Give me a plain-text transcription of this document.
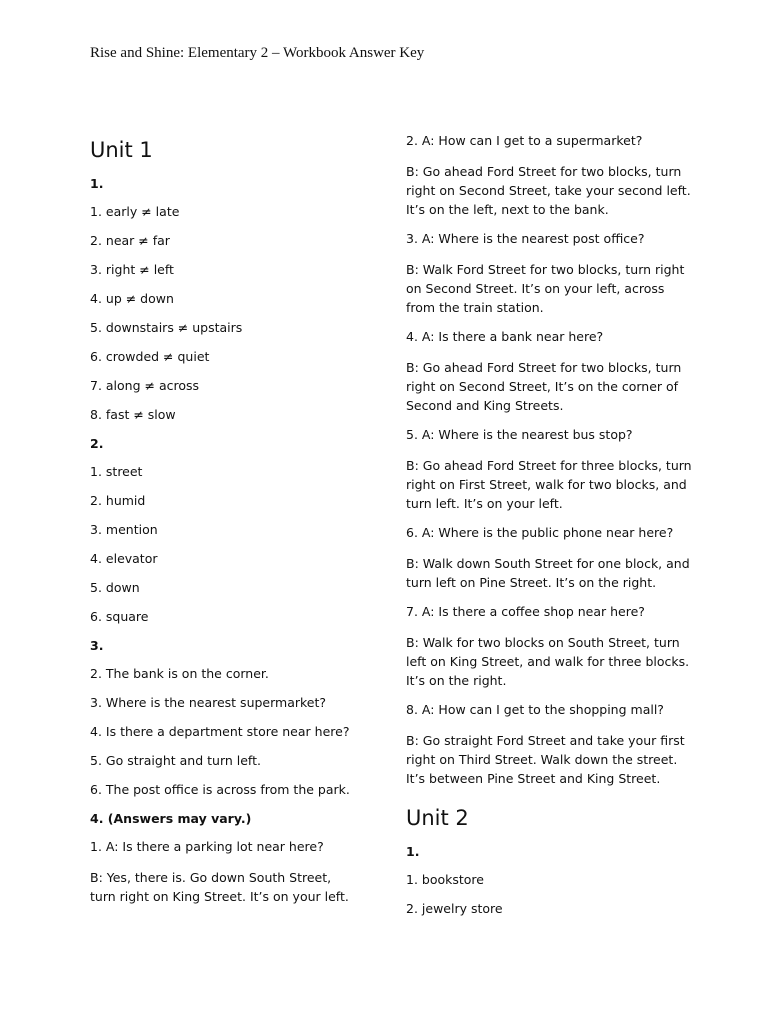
Rise and Shine: Elementary 2 – Workbook Answer Key
Unit 1
1.
1. early ≠ late
2. near ≠ far
3. right ≠ left
4. up ≠ down
5. downstairs ≠ upstairs
6. crowded ≠ quiet
7. along ≠ across
8. fast ≠ slow
2.
1. street
2. humid
3. mention
4. elevator
5. down
6. square
3.
2. The bank is on the corner.
3. Where is the nearest supermarket?
4. Is there a department store near here?
5. Go straight and turn left.
6. The post office is across from the park.
4. (Answers may vary.)
1. A: Is there a parking lot near here?
B: Yes, there is. Go down South Street, turn right on King Street. It’s on your left.
2. A: How can I get to a supermarket?
B: Go ahead Ford Street for two blocks, turn right on Second Street, take your second left. It’s on the left, next to the bank.
3. A: Where is the nearest post office?
B: Walk Ford Street for two blocks, turn right on Second Street. It’s on your left, across from the train station.
4. A: Is there a bank near here?
B: Go ahead Ford Street for two blocks, turn right on Second Street, It’s on the corner of Second and King Streets.
5. A: Where is the nearest bus stop?
B: Go ahead Ford Street for three blocks, turn right on First Street, walk for two blocks, and turn left. It’s on your left.
6. A: Where is the public phone near here?
B: Walk down South Street for one block, and turn left on Pine Street. It’s on the right.
7. A: Is there a coffee shop near here?
B: Walk for two blocks on South Street, turn left on King Street, and walk for three blocks. It’s on the right.
8. A: How can I get to the shopping mall?
B: Go straight Ford Street and take your first right on Third Street. Walk down the street. It’s between Pine Street and King Street.
Unit 2
1.
1. bookstore
2. jewelry store
